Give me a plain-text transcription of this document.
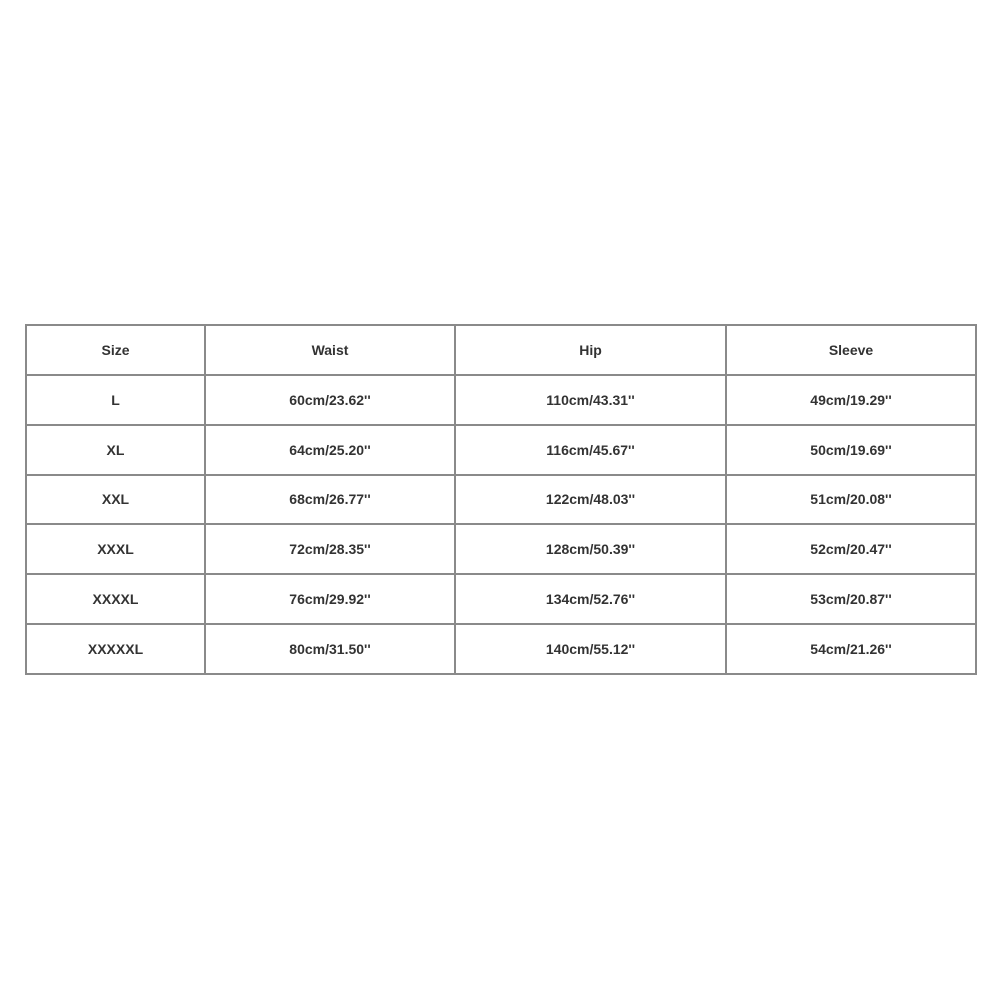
Size	Waist	Hip	Sleeve
L	60cm/23.62''	110cm/43.31''	49cm/19.29''
XL	64cm/25.20''	116cm/45.67''	50cm/19.69''
XXL	68cm/26.77''	122cm/48.03''	51cm/20.08''
XXXL	72cm/28.35''	128cm/50.39''	52cm/20.47''
XXXXL	76cm/29.92''	134cm/52.76''	53cm/20.87''
XXXXXL	80cm/31.50''	140cm/55.12''	54cm/21.26''
